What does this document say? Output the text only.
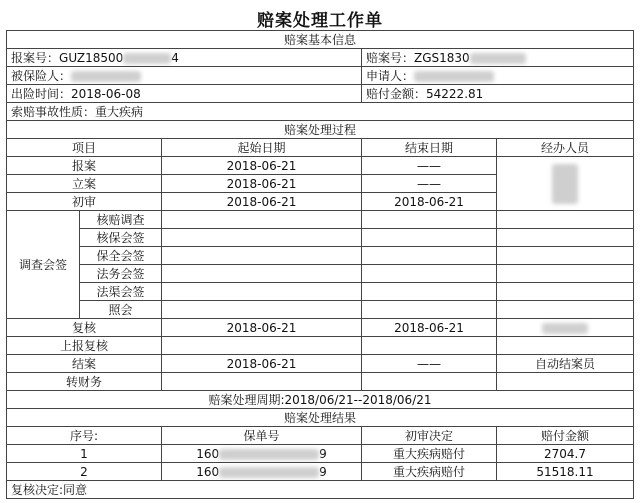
赔案处理工作单
赔案基本信息				
报案号：GUZ18500 4			赔案号：ZGS1830	
被保险人：			申请人：	
出险时间：2018-06-08			赔付金额：54222.81	
索赔事故性质：重大疾病				
赔案处理过程				
项目		起始日期	结束日期	经办人员
报案		2018-06-21	——	
立案		2018-06-21	——	
初审		2018-06-21	2018-06-21	
调查会签	核赔调查			
	核保会签			
	保全会签			
	法务会签			
	法渠会签			
	照会			
复核		2018-06-21	2018-06-21	
上报复核				
结案		2018-06-21	——	自动结案员
转财务				
赔案处理周期:2018/06/21--2018/06/21				
赔案处理结果				
序号:		保单号	初审决定	赔付金额
1		160 9	重大疾病赔付	2704.7
2		160 9	重大疾病赔付	51518.11
复核决定:同意				
